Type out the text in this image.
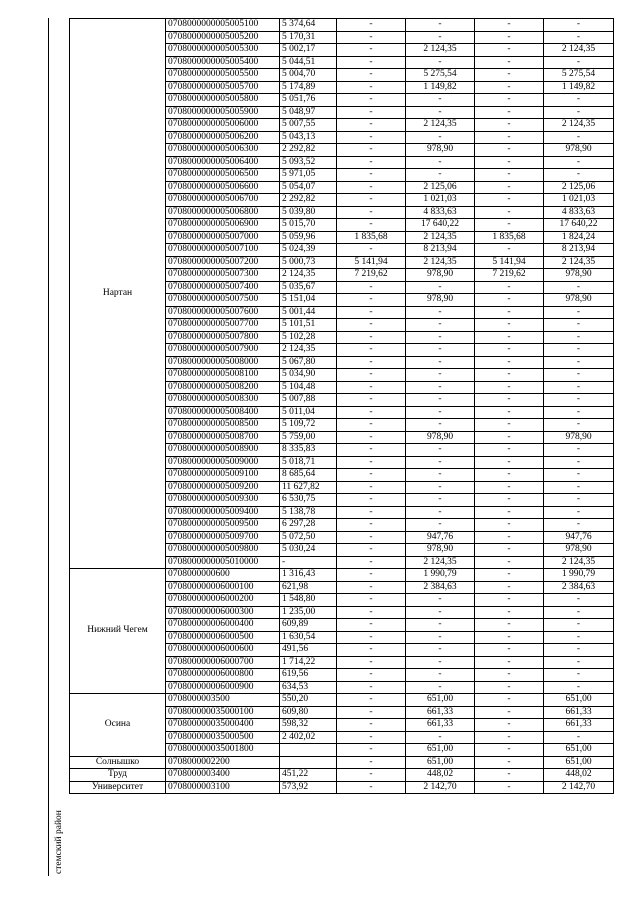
стемский район
Нартан	0708000000005005100	5 374,64	-	-	-	-
	0708000000005005200	5 170,31	-	-	-	-
	0708000000005005300	5 002,17	-	2 124,35	-	2 124,35
	0708000000005005400	5 044,51	-	-	-	-
	0708000000005005500	5 004,70	-	5 275,54	-	5 275,54
	0708000000005005700	5 174,89	-	1 149,82	-	1 149,82
	0708000000005005800	5 051,76	-	-	-	-
	0708000000005005900	5 048,97	-	-	-	-
	0708000000005006000	5 007,55	-	2 124,35	-	2 124,35
	0708000000005006200	5 043,13	-	-	-	-
	0708000000005006300	2 292,82	-	978,90	-	978,90
	0708000000005006400	5 093,52	-	-	-	-
	0708000000005006500	5 971,05	-	-	-	-
	0708000000005006600	5 054,07	-	2 125,06	-	2 125,06
	0708000000005006700	2 292,82	-	1 021,03	-	1 021,03
	0708000000005006800	5 039,80	-	4 833,63	-	4 833,63
	0708000000005006900	5 015,70	-	17 640,22	-	17 640,22
	0708000000005007000	5 059,96	1 835,68	2 124,35	1 835,68	1 824,24
	0708000000005007100	5 024,39	-	8 213,94	-	8 213,94
	0708000000005007200	5 000,73	5 141,94	2 124,35	5 141,94	2 124,35
	0708000000005007300	2 124,35	7 219,62	978,90	7 219,62	978,90
	0708000000005007400	5 035,67	-	-	-	-
	0708000000005007500	5 151,04	-	978,90	-	978,90
	0708000000005007600	5 001,44	-	-	-	-
	0708000000005007700	5 101,51	-	-	-	-
	0708000000005007800	5 102,28	-	-	-	-
	0708000000005007900	2 124,35	-	-	-	-
	0708000000005008000	5 067,80	-	-	-	-
	0708000000005008100	5 034,90	-	-	-	-
	0708000000005008200	5 104,48	-	-	-	-
	0708000000005008300	5 007,88	-	-	-	-
	0708000000005008400	5 011,04	-	-	-	-
	0708000000005008500	5 109,72	-	-	-	-
	0708000000005008700	5 759,00	-	978,90	-	978,90
	0708000000005008900	8 335,83	-	-	-	-
	0708000000005009000	5 018,71	-	-	-	-
	0708000000005009100	8 685,64	-	-	-	-
	0708000000005009200	11 627,82	-	-	-	-
	0708000000005009300	6 530,75	-	-	-	-
	0708000000005009400	5 138,78	-	-	-	-
	0708000000005009500	6 297,28	-	-	-	-
	0708000000005009700	5 072,50	-	947,76	-	947,76
	0708000000005009800	5 030,24	-	978,90	-	978,90
	0708000000005010000	-	-	2 124,35	-	2 124,35
Нижний Чегем	0708000000600	1 316,43	-	1 990,79	-	1 990,79
	070800000006000100	621,98	-	2 384,63	-	2 384,63
	070800000006000200	1 548,80	-	-	-	-
	070800000006000300	1 235,00	-	-	-	-
	070800000006000400	609,89	-	-	-	-
	070800000006000500	1 630,54	-	-	-	-
	070800000006000600	491,56	-	-	-	-
	070800000006000700	1 714,22	-	-	-	-
	070800000006000800	619,56	-	-	-	-
	070800000006000900	634,53	-	-	-	-
Осина	0708000003500	550,20	-	651,00	-	651,00
	070800000035000100	609,80	-	661,33	-	661,33
	070800000035000400	598,32	-	661,33	-	661,33
	070800000035000500	2 402,02	-	-	-	-
	070800000035001800		-	651,00	-	651,00
Солнышко	0708000002200		-	651,00	-	651,00
Труд	0708000003400	451,22	-	448,02	-	448,02
Университет	0708000003100	573,92	-	2 142,70	-	2 142,70
